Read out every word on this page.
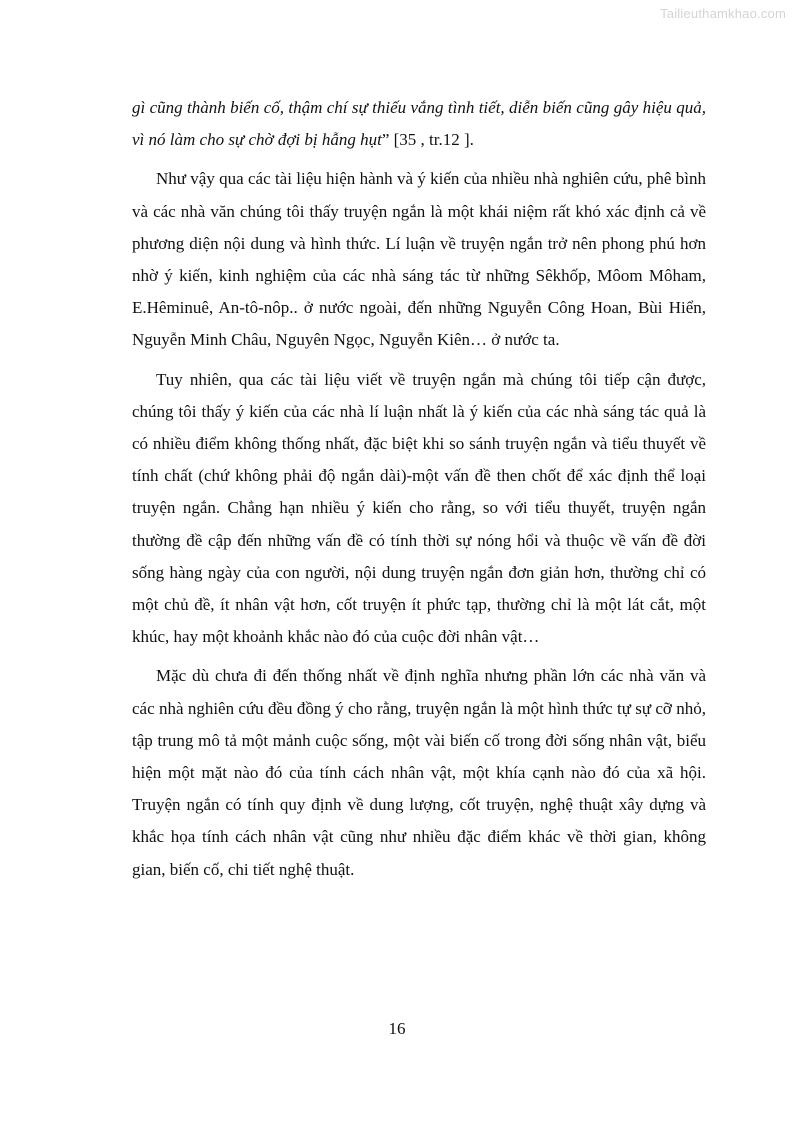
Tailieuthamkhao.com

gì cũng thành biến cố, thậm chí sự thiếu vắng tình tiết, diễn biến cũng gây hiệu quả, vì nó làm cho sự chờ đợi bị hẫng hụt” [35 , tr.12 ].

Như vậy qua các tài liệu hiện hành và ý kiến của nhiều nhà nghiên cứu, phê bình và các nhà văn chúng tôi thấy truyện ngắn là một khái niệm rất khó xác định cả về phương diện nội dung và hình thức. Lí luận về truyện ngắn trở nên phong phú hơn nhờ ý kiến, kinh nghiệm của các nhà sáng tác từ những Sêkhốp, Môom Môham, E.Hêminuê, An-tô-nôp.. ở nước ngoài, đến những Nguyễn Công Hoan, Bùi Hiển, Nguyễn Minh Châu, Nguyên Ngọc, Nguyễn Kiên… ở nước ta.

Tuy nhiên, qua các tài liệu viết về truyện ngắn mà chúng tôi tiếp cận được, chúng tôi thấy ý kiến của các nhà lí luận nhất là ý kiến của các nhà sáng tác quả là có nhiều điểm không thống nhất, đặc biệt khi so sánh truyện ngắn và tiểu thuyết về tính chất (chứ không phải độ ngắn dài)-một vấn đề then chốt để xác định thể loại truyện ngắn. Chẳng hạn nhiều ý kiến cho rằng, so với tiểu thuyết, truyện ngắn thường đề cập đến những vấn đề có tính thời sự nóng hổi và thuộc về vấn đề đời sống hàng ngày của con người, nội dung truyện ngắn đơn giản hơn, thường chỉ có một chủ đề, ít nhân vật hơn, cốt truyện ít phức tạp, thường chỉ là một lát cắt, một khúc, hay một khoảnh khắc nào đó của cuộc đời nhân vật…

Mặc dù chưa đi đến thống nhất về định nghĩa nhưng phần lớn các nhà văn và các nhà nghiên cứu đều đồng ý cho rằng, truyện ngắn là một hình thức tự sự cỡ nhỏ, tập trung mô tả một mảnh cuộc sống, một vài biến cố trong đời sống nhân vật, biểu hiện một mặt nào đó của tính cách nhân vật, một khía cạnh nào đó của xã hội. Truyện ngắn có tính quy định về dung lượng, cốt truyện, nghệ thuật xây dựng và khắc họa tính cách nhân vật cũng như nhiều đặc điểm khác về thời gian, không gian, biến cố, chi tiết nghệ thuật.

16
